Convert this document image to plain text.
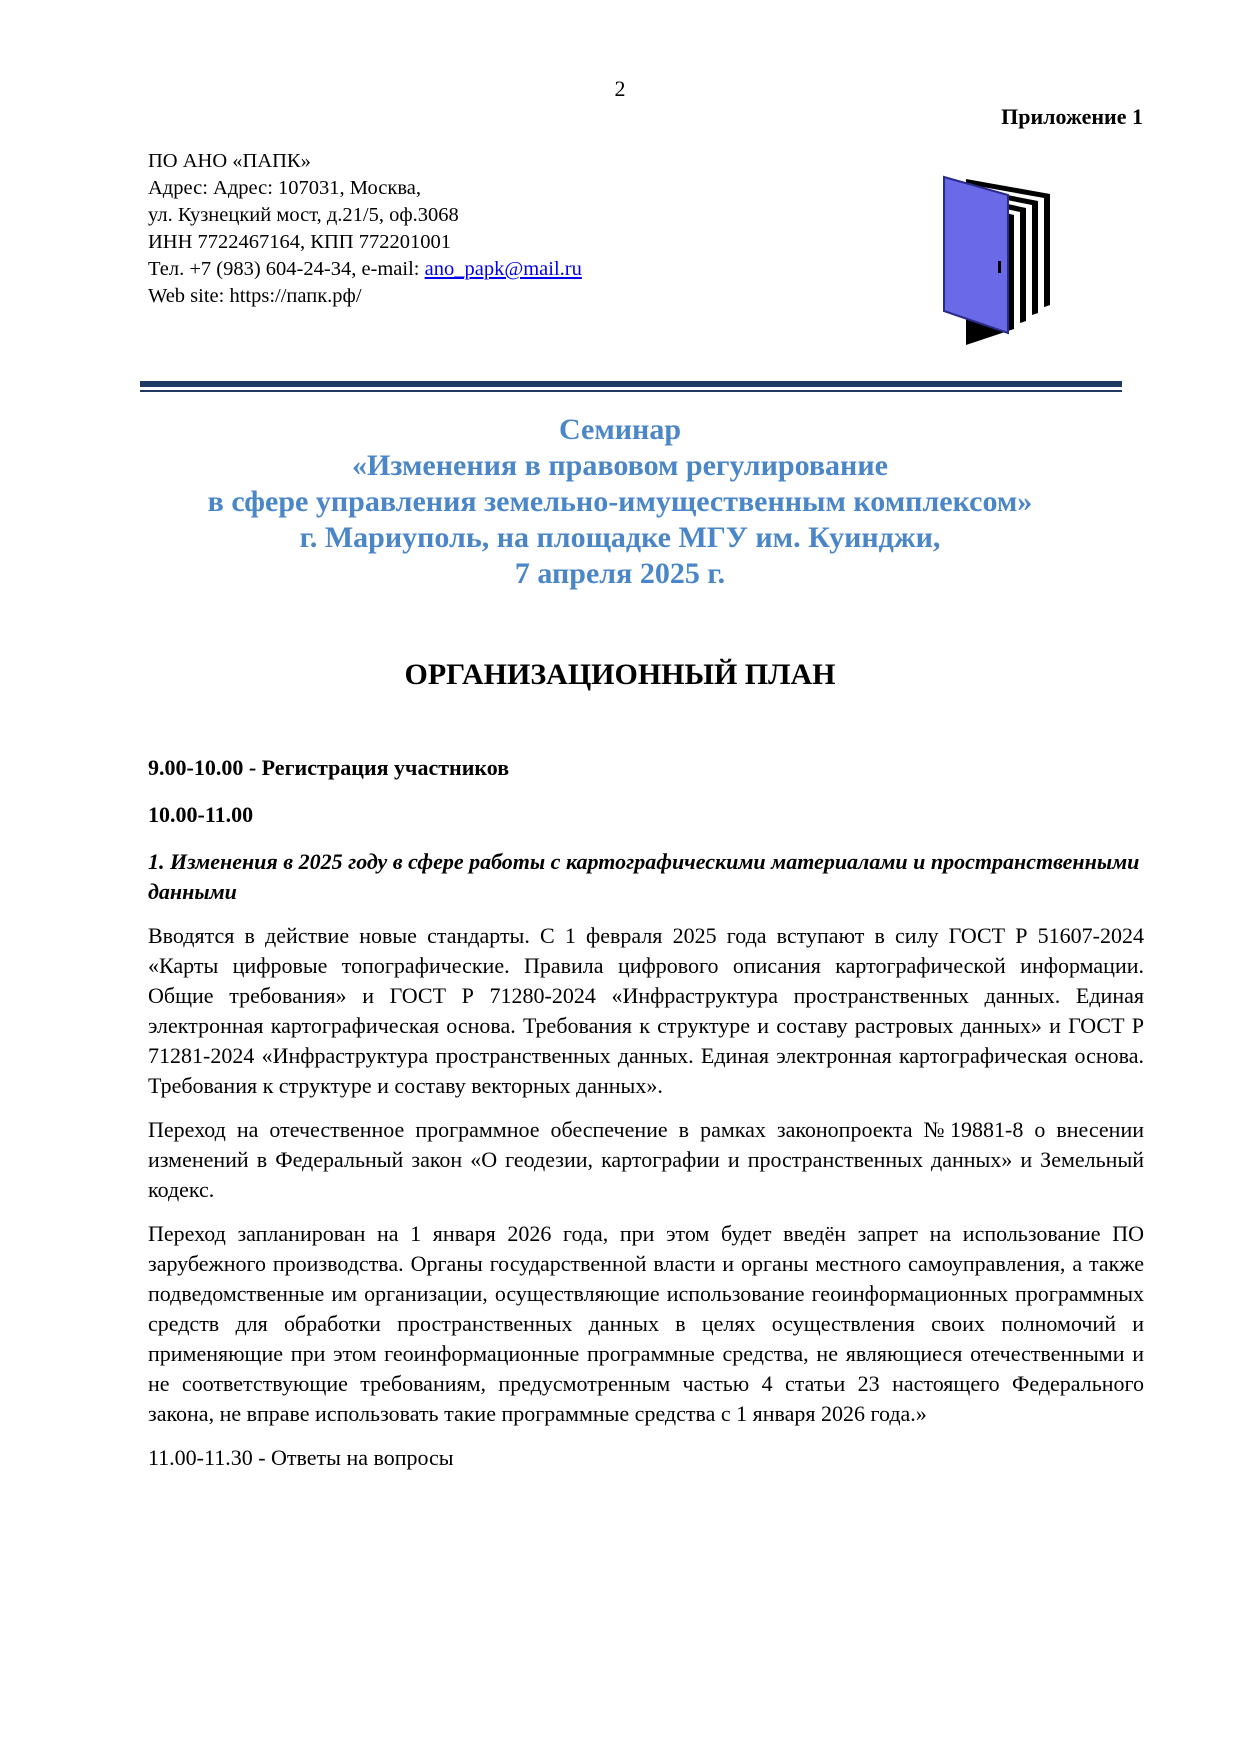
2
Приложение 1
ПО АНО «ПАПК»
Адрес: Адрес: 107031, Москва,
ул. Кузнецкий мост, д.21/5, оф.3068
ИНН 7722467164, КПП 772201001
Тел. +7 (983) 604-24-34, e-mail: ano_papk@mail.ru
Web site: https://папк.рф/
Семинар
«Изменения в правовом регулирование
в сфере управления земельно-имущественным комплексом»
г. Мариуполь, на площадке МГУ им. Куинджи,
7 апреля 2025 г.
ОРГАНИЗАЦИОННЫЙ ПЛАН

9.00-10.00 - Регистрация участников

10.00-11.00

1. Изменения в 2025 году в сфере работы с картографическими материалами и пространственными данными

Вводятся в действие новые стандарты. С 1 февраля 2025 года вступают в силу ГОСТ Р 51607-2024 «Карты цифровые топографические. Правила цифрового описания картографической информации. Общие требования» и ГОСТ Р 71280-2024 «Инфраструктура пространственных данных. Единая электронная картографическая основа. Требования к структуре и составу растровых данных» и ГОСТ Р 71281-2024 «Инфраструктура пространственных данных. Единая электронная картографическая основа. Требования к структуре и составу векторных данных».

Переход на отечественное программное обеспечение в рамках законопроекта №19881-8 о внесении изменений в Федеральный закон «О геодезии, картографии и пространственных данных» и Земельный кодекс.

Переход запланирован на 1 января 2026 года, при этом будет введён запрет на использование ПО зарубежного производства. Органы государственной власти и органы местного самоуправления, а также подведомственные им организации, осуществляющие использование геоинформационных программных средств для обработки пространственных данных в целях осуществления своих полномочий и применяющие при этом геоинформационные программные средства, не являющиеся отечественными и не соответствующие требованиям, предусмотренным частью 4 статьи 23 настоящего Федерального закона, не вправе использовать такие программные средства с 1 января 2026 года.»

11.00-11.30 - Ответы на вопросы
